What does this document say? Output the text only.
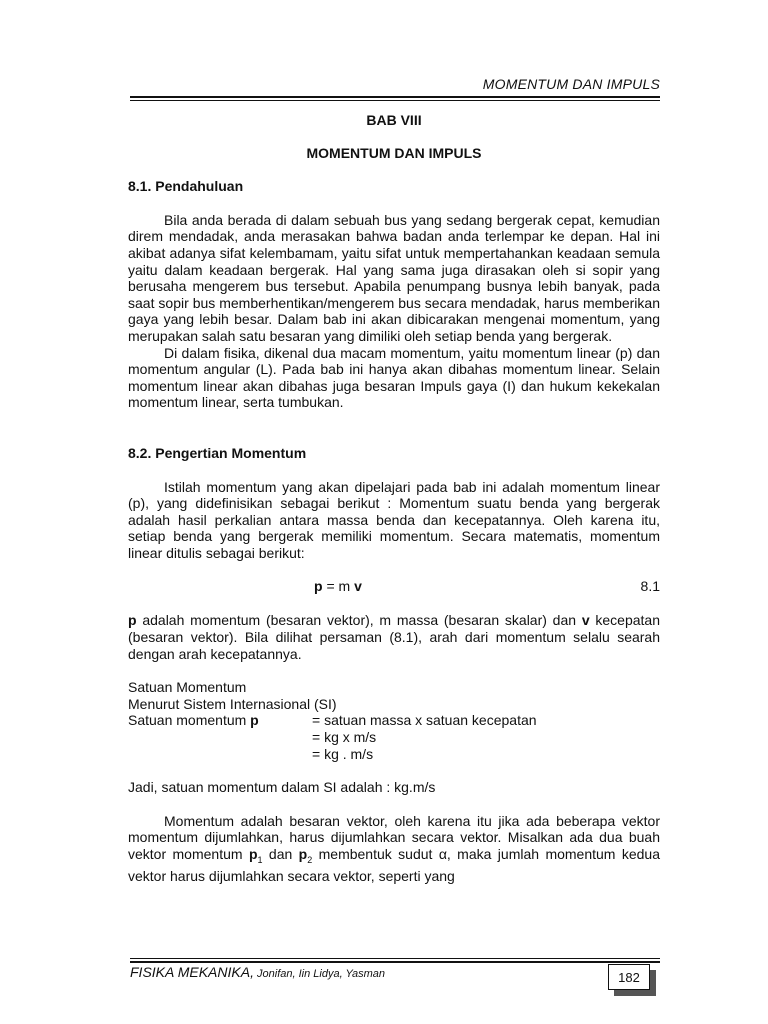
MOMENTUM DAN IMPULS
BAB VIII
MOMENTUM DAN IMPULS
8.1. Pendahuluan

Bila anda berada di dalam sebuah bus yang sedang bergerak cepat, kemudian direm mendadak, anda merasakan bahwa badan anda terlempar ke depan. Hal ini akibat adanya sifat kelembamam, yaitu sifat untuk mempertahankan keadaan semula yaitu dalam keadaan bergerak. Hal yang sama juga dirasakan oleh si sopir yang berusaha mengerem bus tersebut. Apabila penumpang busnya lebih banyak, pada saat sopir bus memberhentikan/mengerem bus secara mendadak, harus memberikan gaya yang lebih besar. Dalam bab ini akan dibicarakan mengenai momentum, yang merupakan salah satu besaran yang dimiliki oleh setiap benda yang bergerak.

Di dalam fisika, dikenal dua macam momentum, yaitu momentum linear (p) dan momentum angular (L). Pada bab ini hanya akan dibahas momentum linear. Selain momentum linear akan dibahas juga besaran Impuls gaya (I) dan hukum kekekalan momentum linear, serta tumbukan.

8.2. Pengertian Momentum

Istilah momentum yang akan dipelajari pada bab ini adalah momentum linear (p), yang didefinisikan sebagai berikut : Momentum suatu benda yang bergerak adalah hasil perkalian antara massa benda dan kecepatannya. Oleh karena itu, setiap benda yang bergerak memiliki momentum. Secara matematis, momentum linear ditulis sebagai berikut:

p = m v	8.1

p adalah momentum (besaran vektor), m massa (besaran skalar) dan v kecepatan (besaran vektor). Bila dilihat persaman (8.1), arah dari momentum selalu searah dengan arah kecepatannya.

Satuan Momentum
Menurut Sistem Internasional (SI)
Satuan momentum p	= satuan massa x satuan kecepatan
= kg x m/s
= kg . m/s
Jadi, satuan momentum dalam SI adalah : kg.m/s

Momentum adalah besaran vektor, oleh karena itu jika ada beberapa vektor momentum dijumlahkan, harus dijumlahkan secara vektor. Misalkan ada dua buah vektor momentum $p_1$ dan $p_2$ membentuk sudut α, maka jumlah momentum kedua vektor harus dijumlahkan secara vektor, seperti yang

FISIKA MEKANIKA, Jonifan, Iin Lidya, Yasman	182
